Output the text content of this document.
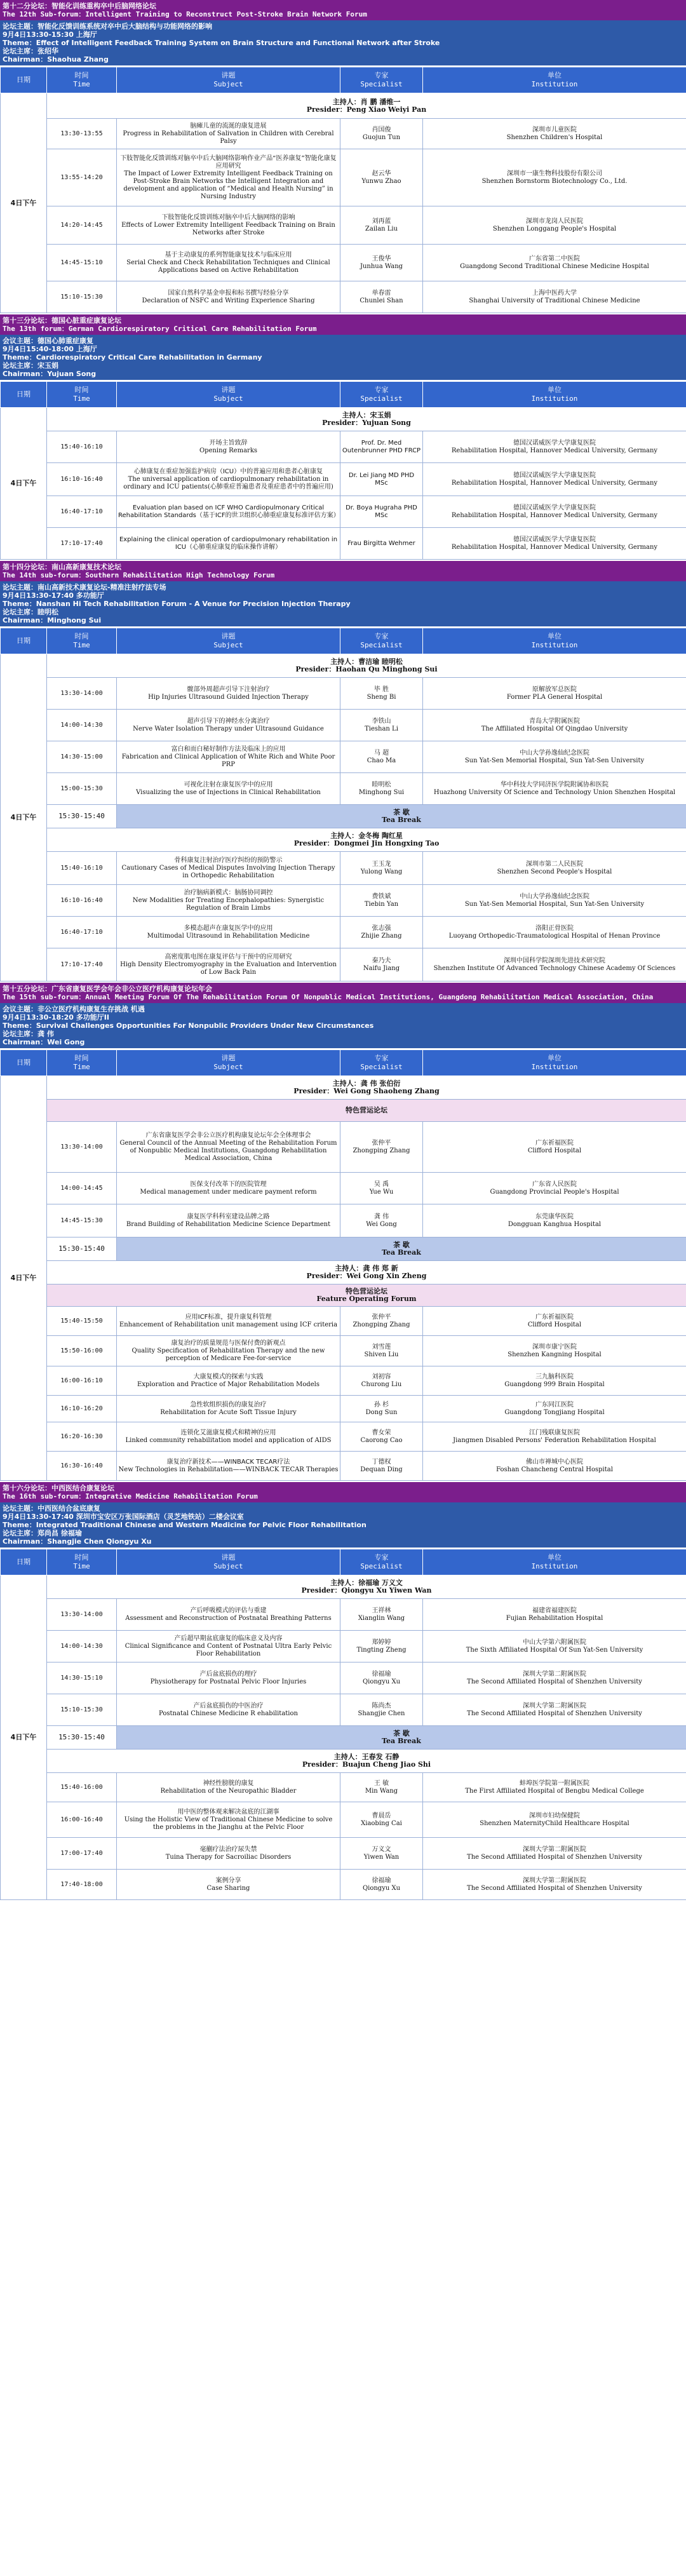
第十二分论坛：智能化训练重构卒中后脑网络论坛
The 12th Sub-forum：Intelligent Training to Reconstruct Post-Stroke Brain Network Forum
论坛主题：智能化反馈训练系统对卒中后大脑结构与功能网络的影响
9月4日13:30-15:30 上海厅
Theme：Effect of Intelligent Feedback Training System on Brain Structure and Functional Network after Stroke
论坛主席：张绍华
Chairman：Shaohua Zhang
日期	时间
Time	讲题
Subject	专家
Specialist	单位
Institution

4日下午	主持人：肖 鹏 潘维一
Presider：Peng Xiao Weiyi Pan			

	13:30-13:55	脑瘫儿童的流涎的康复进展
Progress in Rehabilitation of Salivation in Children with Cerebral Palsy	肖国俊
Guojun Tun	深圳市儿童医院
Shenzhen Children's Hospital

	13:55-14:20	下肢智能化反馈训练对脑卒中后大脑网络影响作业产品“医养康复”智能化康复应用研究
The Impact of Lower Extremity Intelligent Feedback Training on Post-Stroke Brain Networks the Intelligent Integration and development and application of “Medical and Health Nursing” in Nursing Industry	赵云华
Yunwu Zhao	深圳市一康生物科技股份有限公司
Shenzhen Bornstorm Biotechnology Co., Ltd.

	14:20-14:45	下肢智能化反馈训练对脑卒中后大脑网络的影响
Effects of Lower Extremity Intelligent Feedback Training on Brain Networks after Stroke	刘再蓝
Zailan Liu	深圳市龙岗人民医院
Shenzhen Longgang People's Hospital

	14:45-15:10	基于主动康复的系列智能康复技术与临床应用
Serial Check and Check Rehabilitation Techniques and Clinical Applications based on Active Rehabilitation	王俊华
Junhua Wang	广东省第二中医院
Guangdong Second Traditional Chinese Medicine Hospital

	15:10-15:30	国家自然科学基金申报和标书撰写经验分享
Declaration of NSFC and Writing Experience Sharing	单春雷
Chunlei Shan	上海中医药大学
Shanghai University of Traditional Chinese Medicine
第十三分论坛：德国心脏重症康复论坛
The 13th forum：German Cardiorespiratory Critical Care Rehabilitation Forum
会议主题：德国心肺重症康复
9月4日15:40-18:00 上海厅
Theme：Cardiorespiratory Critical Care Rehabilitation in Germany
论坛主席：宋玉娟
Chairman：Yujuan Song
日期	时间
Time	讲题
Subject	专家
Specialist	单位
Institution

4日下午	主持人：宋玉娟
Presider：Yujuan Song			

	15:40-16:10	开场主旨致辞
Opening Remarks	Prof. Dr. Med Outenbrunner PHD FRCP	德国汉诺威医学大学康复医院
Rehabilitation Hospital, Hannover Medical University, Germany

	16:10-16:40	心肺康复在重症加强监护病房（ICU）中的普遍应用和患者心脏康复
The universal application of cardiopulmonary rehabilitation in ordinary and ICU patients(心肺重症普遍患者及重症患者中的普遍应用)	Dr. Lei Jiang MD PHD MSc	德国汉诺威医学大学康复医院
Rehabilitation Hospital, Hannover Medical University, Germany

	16:40-17:10	Evaluation plan based on ICF WHO Cardiopulmonary Critical Rehabilitation Standards（基于ICF的世卫组织心肺重症康复标准评估方案）	Dr. Boya Hugraha PHD MSc	德国汉诺威医学大学康复医院
Rehabilitation Hospital, Hannover Medical University, Germany

	17:10-17:40	Explaining the clinical operation of cardiopulmonary rehabilitation in ICU（心肺重症康复的临床操作讲解）	Frau Birgitta Wehmer	德国汉诺威医学大学康复医院
Rehabilitation Hospital, Hannover Medical University, Germany
第十四分论坛：南山高新康复技术论坛
The 14th sub-forum：Southern Rehabilitation High Technology Forum
论坛主题：南山高新技术康复论坛-精准注射疗法专场
9月4日13:30-17:40 多功能厅
Theme：Nanshan Hi Tech Rehabilitation Forum - A Venue for Precision Injection Therapy
论坛主席：睦明松
Chairman：Minghong Sui
日期	时间
Time	讲题
Subject	专家
Specialist	单位
Institution

4日下午	主持人：曹洁瑜 睦明松
Presider：Haohan Qu Minghong Sui			

	13:30-14:00	髋部外周超声引导下注射治疗
Hip Injuries Ultrasound Guided Injection Therapy	毕 胜
Sheng Bi	原解放军总医院
Former PLA General Hospital

	14:00-14:30	超声引导下的神经水分离治疗
Nerve Water Isolation Therapy under Ultrasound Guidance	李铁山
Tieshan Li	青岛大学附属医院
The Affiliated Hospital Of Qingdao University

	14:30-15:00	富白和而白秘好制作方法及临床上的应用
Fabrication and Clinical Application of White Rich and White Poor PRP	马 超
Chao Ma	中山大学孙逸仙纪念医院
Sun Yat-Sen Memorial Hospital, Sun Yat-Sen University

	15:00-15:30	可视化注射在康复医学中的应用
Visualizing the use of Injections in Clinical Rehabilitation	睦明松
Minghong Sui	华中科技大学同济医学院附属协和医院
Huazhong University Of Science and Technology Union Shenzhen Hospital

	15:30-15:40	茶 歇
Tea Break		

	主持人：金冬梅 陶红星
Presider：Dongmei Jin Hongxing Tao			

	15:40-16:10	骨科康复注射治疗医疗纠纷的预防警示
Cautionary Cases of Medical Disputes Involving Injection Therapy in Orthopedic Rehabilitation	王玉龙
Yulong Wang	深圳市第二人民医院
Shenzhen Second People's Hospital

	16:10-16:40	治疗脑病新模式：脑肠协同调控
New Modalities for Treating Encephalopathies: Synergistic Regulation of Brain Limbs	费铁斌
Tiebin Yan	中山大学孙逸仙纪念医院
Sun Yat-Sen Memorial Hospital, Sun Yat-Sen University

	16:40-17:10	多模态超声在康复医学中的应用
Multimodal Ultrasound in Rehabilitation Medicine	张志强
Zhijie Zhang	洛阳正骨医院
Luoyang Orthopedic-Traumatological Hospital of Henan Province

	17:10-17:40	高密度肌电图在康复评估与干预中的应用研究
High Density Electromyography in the Evaluation and Intervention of Low Back Pain	秦乃夫
Naifu Jiang	深圳中国科学院深圳先进技术研究院
Shenzhen Institute Of Advanced Technology Chinese Academy Of Sciences
第十五分论坛：广东省康复医学会年会非公立医疗机构康复论坛年会
The 15th sub-forum：Annual Meeting Forum Of The Rehabilitation Forum Of Nonpublic Medical Institutions, Guangdong Rehabilitation Medical Association, China
会议主题：非公立医疗机构康复生存挑战 机遇
9月4日13:30-18:20 多功能厅II
Theme：Survival Challenges Opportunities For Nonpublic Providers Under New Circumstances
论坛主席：龚 伟
Chairman：Wei Gong
日期	时间
Time	讲题
Subject	专家
Specialist	单位
Institution

4日下午	主持人：龚 伟 张伯衍
Presider：Wei Gong Shaoheng Zhang			

	特色营运论坛			

	13:30-14:00	广东省康复医学会非公立医疗机构康复论坛年会全体理事会
General Council of the Annual Meeting of the Rehabilitation Forum of Nonpublic Medical Institutions, Guangdong Rehabilitation Medical Association, China	张仲平
Zhongping Zhang	广东祈福医院
Clifford Hospital

	14:00-14:45	医保支付改革下的医院管理
Medical management under medicare payment reform	吴 禹
Yue Wu	广东省人民医院
Guangdong Provincial People's Hospital

	14:45-15:30	康复医学科科室建设品牌之路
Brand Building of Rehabilitation Medicine Science Department	龚 伟
Wei Gong	东莞康华医院
Dongguan Kanghua Hospital

	15:30-15:40	茶 歇
Tea Break		

	主持人：龚 伟 郑 新
Presider：Wei Gong Xin Zheng			

	特色营运论坛
Feature Operating Forum			

	15:40-15:50	应用ICF标准，提升康复科管理
Enhancement of Rehabilitation unit management using ICF criteria	张仲平
Zhongping Zhang	广东祈福医院
Clifford Hospital

	15:50-16:00	康复治疗的质量规范与医保付费的新观点
Quality Specification of Rehabilitation Therapy and the new perception of Medicare Fee-for-service	刘雪莲
Shiven Liu	深圳市康宁医院
Shenzhen Kangning Hospital

	16:00-16:10	大康复模式的探索与实践
Exploration and Practice of Major Rehabilitation Models	刘初容
Churong Liu	三九脑科医院
Guangdong 999 Brain Hospital

	16:10-16:20	急性软组织损伤的康复治疗
Rehabilitation for Acute Soft Tissue Injury	孙 杉
Dong Sun	广东同江医院
Guangdong Tongjiang Hospital

	16:20-16:30	连锁化艾滋康复模式和精神的应用
Linked community rehabilitation model and application of AIDS	曹女荣
Caorong Cao	江门残联康复医院
Jiangmen Disabled Persons' Federation Rehabilitation Hospital

	16:30-16:40	康复治疗新技术——WINBACK TECAR疗法
New Technologies in Rehabilitation——WINBACK TECAR Therapies	丁德权
Dequan Ding	佛山市禅城中心医院
Foshan Chancheng Central Hospital
第十六分论坛：中西医结合康复论坛
The 16th sub-forum：Integrative Medicine Rehabilitation Forum
论坛主题：中西医结合盆底康复
9月4日13:30-17:40 深圳市宝安区万张国际酒店（灵芝地铁站）二楼会议室
Theme：Integrated Traditional Chinese and Western Medicine for Pelvic Floor Rehabilitation
论坛主席：郑尚昌 徐福瑜
Chairman：Shangjie Chen Qiongyu Xu
日期	时间
Time	讲题
Subject	专家
Specialist	单位
Institution

4日下午	主持人：徐福瑜 万义文
Presider：Qiongyu Xu Yiwen Wan			

	13:30-14:00	产后呼吸模式的评估与重建
Assessment and Reconstruction of Postnatal Breathing Patterns	王祥林
Xianglin Wang	福建省福建医院
Fujian Rehabilitation Hospital

	14:00-14:30	产后超早期盆底康复的临床意义及内容
Clinical Significance and Content of Postnatal Ultra Early Pelvic Floor Rehabilitation	郑婷婷
Tingting Zheng	中山大学第六附属医院
The Sixth Affiliated Hospital Of Sun Yat-Sen University

	14:30-15:10	产后盆底损伤的理疗
Physiotherapy for Postnatal Pelvic Floor Injuries	徐福瑜
Qiongyu Xu	深圳大学第二附属医院
The Second Affiliated Hospital of Shenzhen University

	15:10-15:30	产后盆底损伤的中医治疗
Postnatal Chinese Medicine R ehabilitation	陈尚杰
Shangjie Chen	深圳大学第二附属医院
The Second Affiliated Hospital of Shenzhen University

	15:30-15:40	茶 歇
Tea Break		

	主持人：王春发 石静
Presider：Buajun Cheng Jiao Shi			

	15:40-16:00	神经性膀胱的康复
Rehabilitation of the Neuropathic Bladder	王 敏
Min Wang	蚌埠医学院第一附属医院
The First Affiliated Hospital of Bengbu Medical College

	16:00-16:40	用中医的整体观来解决盆底的江湖事
Using the Holistic View of Traditional Chinese Medicine to solve the problems in the Jianghu at the Pelvic Floor	曹晨岳
Xiaobing Cai	深圳市妇幼保健院
Shenzhen MaternityChild Healthcare Hospital

	17:00-17:40	毫蒯疗法治疗尿失禁
Tuina Therapy for Sacroiliac Disorders	万义文
Yiwen Wan	深圳大学第二附属医院
The Second Affiliated Hospital of Shenzhen University

	17:40-18:00	案例分享
Case Sharing	徐福瑜
Qiongyu Xu	深圳大学第二附属医院
The Second Affiliated Hospital of Shenzhen University
